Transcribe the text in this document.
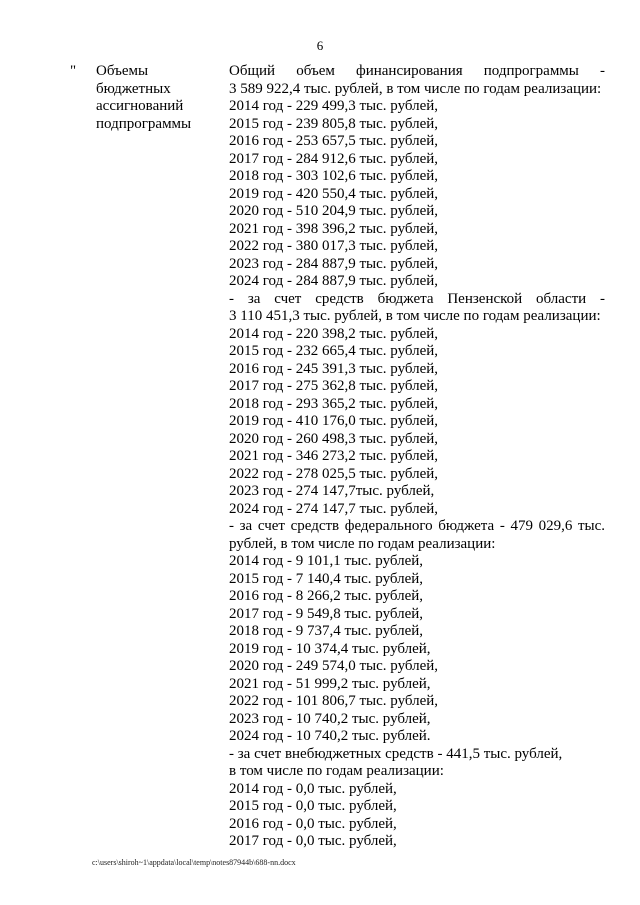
6
" Объемы
бюджетных
ассигнований
подпрограммы
Общий объем финансирования подпрограммы -
3 589 922,4 тыс. рублей, в том числе по годам реализации:
2014 год - 229 499,3 тыс. рублей,
2015 год - 239 805,8 тыс. рублей,
2016 год - 253 657,5 тыс. рублей,
2017 год - 284 912,6 тыс. рублей,
2018 год - 303 102,6 тыс. рублей,
2019 год - 420 550,4 тыс. рублей,
2020 год - 510 204,9 тыс. рублей,
2021 год - 398 396,2 тыс. рублей,
2022 год - 380 017,3 тыс. рублей,
2023 год - 284 887,9 тыс. рублей,
2024 год - 284 887,9 тыс. рублей,
- за счет средств бюджета Пензенской области -
3 110 451,3 тыс. рублей, в том числе по годам реализации:
2014 год - 220 398,2 тыс. рублей,
2015 год - 232 665,4 тыс. рублей,
2016 год - 245 391,3 тыс. рублей,
2017 год - 275 362,8 тыс. рублей,
2018 год - 293 365,2 тыс. рублей,
2019 год - 410 176,0 тыс. рублей,
2020 год - 260 498,3 тыс. рублей,
2021 год - 346 273,2 тыс. рублей,
2022 год - 278 025,5 тыс. рублей,
2023 год - 274 147,7тыс. рублей,
2024 год - 274 147,7 тыс. рублей,
- за счет средств федерального бюджета - 479 029,6 тыс.
рублей, в том числе по годам реализации:
2014 год - 9 101,1 тыс. рублей,
2015 год - 7 140,4 тыс. рублей,
2016 год - 8 266,2 тыс. рублей,
2017 год - 9 549,8 тыс. рублей,
2018 год - 9 737,4 тыс. рублей,
2019 год - 10 374,4 тыс. рублей,
2020 год - 249 574,0 тыс. рублей,
2021 год - 51 999,2 тыс. рублей,
2022 год - 101 806,7 тыс. рублей,
2023 год - 10 740,2 тыс. рублей,
2024 год - 10 740,2 тыс. рублей.
- за счет внебюджетных средств - 441,5 тыс. рублей,
в том числе по годам реализации:
2014 год - 0,0 тыс. рублей,
2015 год - 0,0 тыс. рублей,
2016 год - 0,0 тыс. рублей,
2017 год - 0,0 тыс. рублей,
c:\users\shiroh~1\appdata\local\temp\notes87944b\688-nn.docx
